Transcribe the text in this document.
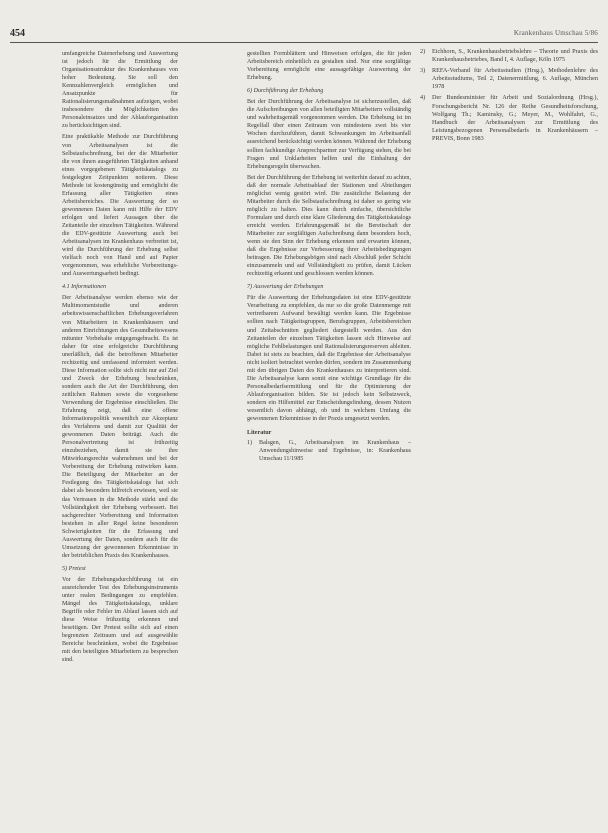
454	Krankenhaus Umschau 5/86

umfangreiche Datenerhebung und Auswertung ist jedoch für die Ermittlung der Organisationsstruktur des Krankenhauses von hoher Bedeutung. Sie soll den Kennzahlenvergleich ermöglichen und Ansatzpunkte für Rationalisierungsmaßnahmen aufzeigen, wobei insbesondere die Möglichkeiten des Personaleinsatzes und der Ablauforganisation zu berücksichtigen sind.

Eine praktikable Methode zur Durchführung von Arbeitsanalysen ist die Selbstaufschreibung, bei der die Mitarbeiter die von ihnen ausgeführten Tätigkeiten anhand eines vorgegebenen Tätigkeitskatalogs zu festgelegten Zeitpunkten notieren. Diese Methode ist kostengünstig und ermöglicht die Erfassung aller Tätigkeiten eines Arbeitsbereiches. Die Auswertung der so gewonnenen Daten kann mit Hilfe der EDV erfolgen und liefert Aussagen über die Zeitanteile der einzelnen Tätigkeiten. Während die EDV-gestützte Auswertung auch bei Arbeitsanalysen im Krankenhaus verbreitet ist, wird die Durchführung der Erhebung selbst vielfach noch von Hand und auf Papier vorgenommen, was erhebliche Vorbereitungs- und Auswertungsarbeit bedingt.

4.1 Informationen

Der Arbeitsanalyse werden ebenso wie der Multimomentstudie und anderen arbeitswissenschaftlichen Erhebungsverfahren von Mitarbeitern in Krankenhäusern und anderen Einrichtungen des Gesundheitswesens mitunter Vorbehalte entgegengebracht. Es ist daher für eine erfolgreiche Durchführung unerläßlich, daß die betroffenen Mitarbeiter rechtzeitig und umfassend informiert werden. Diese Information sollte sich nicht nur auf Ziel und Zweck der Erhebung beschränken, sondern auch die Art der Durchführung, den zeitlichen Rahmen sowie die vorgesehene Verwendung der Ergebnisse einschließen. Die Erfahrung zeigt, daß eine offene Informationspolitik wesentlich zur Akzeptanz des Verfahrens und damit zur Qualität der gewonnenen Daten beiträgt. Auch die Personalvertretung ist frühzeitig einzubeziehen, damit sie ihre Mitwirkungsrechte wahrnehmen und bei der Vorbereitung der Erhebung mitwirken kann. Die Beteiligung der Mitarbeiter an der Festlegung des Tätigkeitskatalogs hat sich dabei als besonders hilfreich erwiesen, weil sie das Vertrauen in die Methode stärkt und die Vollständigkeit der Erhebung verbessert. Bei sachgerechter Vorbereitung und Information bestehen in aller Regel keine besonderen Schwierigkeiten für die Erfassung und Auswertung der Daten, sondern auch für die Umsetzung der gewonnenen Erkenntnisse in der betrieblichen Praxis des Krankenhauses.

5) Pretest

Vor der Erhebungsdurchführung ist ein ausreichender Test des Erhebungsinstruments unter realen Bedingungen zu empfehlen. Mängel des Tätigkeitskatalogs, unklare Begriffe oder Fehler im Ablauf lassen sich auf diese Weise frühzeitig erkennen und beseitigen. Der Pretest sollte sich auf einen begrenzten Zeitraum und auf ausgewählte Bereiche beschränken, wobei die Ergebnisse mit den beteiligten Mitarbeitern zu besprechen sind.

gestellten Formblättern und Hinweisen erfolgen, die für jeden Arbeitsbereich einheitlich zu gestalten sind. Nur eine sorgfältige Vorbereitung ermöglicht eine aussagefähige Auswertung der Erhebung.

6) Durchführung der Erhebung

Bei der Durchführung der Arbeitsanalyse ist sicherzustellen, daß die Aufschreibungen von allen beteiligten Mitarbeitern vollständig und wahrheitsgemäß vorgenommen werden. Die Erhebung ist im Regelfall über einen Zeitraum von mindestens zwei bis vier Wochen durchzuführen, damit Schwankungen im Arbeitsanfall ausreichend berücksichtigt werden können. Während der Erhebung sollten fachkundige Ansprechpartner zur Verfügung stehen, die bei Fragen und Unklarheiten helfen und die Einhaltung der Erhebungsregeln überwachen.

Bei der Durchführung der Erhebung ist weiterhin darauf zu achten, daß der normale Arbeitsablauf der Stationen und Abteilungen möglichst wenig gestört wird. Die zusätzliche Belastung der Mitarbeiter durch die Selbstaufschreibung ist daher so gering wie möglich zu halten. Dies kann durch einfache, übersichtliche Formulare und durch eine klare Gliederung des Tätigkeitskatalogs erreicht werden. Erfahrungsgemäß ist die Bereitschaft der Mitarbeiter zur sorgfältigen Aufschreibung dann besonders hoch, wenn sie den Sinn der Erhebung erkennen und erwarten können, daß die Ergebnisse zur Verbesserung ihrer Arbeitsbedingungen beitragen. Die Erhebungsbögen sind nach Abschluß jeder Schicht einzusammeln und auf Vollständigkeit zu prüfen, damit Lücken rechtzeitig erkannt und geschlossen werden können.

7) Auswertung der Erhebungen

Für die Auswertung der Erhebungsdaten ist eine EDV-gestützte Verarbeitung zu empfehlen, da nur so die große Datenmenge mit vertretbarem Aufwand bewältigt werden kann. Die Ergebnisse sollten nach Tätigkeitsgruppen, Berufsgruppen, Arbeitsbereichen und Zeitabschnitten gegliedert dargestellt werden. Aus den Zeitanteilen der einzelnen Tätigkeiten lassen sich Hinweise auf mögliche Fehlbelastungen und Rationalisierungsreserven ableiten. Dabei ist stets zu beachten, daß die Ergebnisse der Arbeitsanalyse nicht isoliert betrachtet werden dürfen, sondern im Zusammenhang mit den übrigen Daten des Krankenhauses zu interpretieren sind. Die Arbeitsanalyse kann somit eine wichtige Grundlage für die Personalbedarfsermittlung und für die Optimierung der Ablauforganisation bilden. Sie ist jedoch kein Selbstzweck, sondern ein Hilfsmittel zur Entscheidungsfindung, dessen Nutzen wesentlich davon abhängt, ob und in welchem Umfang die gewonnenen Erkenntnisse in der Praxis umgesetzt werden.

Literatur
1)	Balsgen, G., Arbeitsanalysen im Krankenhaus – Anwendungshinweise und Ergebnisse, in: Krankenhaus Umschau 11/1985
2)	Eichhorn, S., Krankenhausbetriebslehre – Theorie und Praxis des Krankenhausbetriebes, Band I, 4. Auflage, Köln 1975
3)	REFA-Verband für Arbeitsstudien (Hrsg.), Methodenlehre des Arbeitsstudiums, Teil 2, Datenermittlung, 6. Auflage, München 1978
4)	Der Bundesminister für Arbeit und Sozialordnung (Hrsg.), Forschungsbericht Nr. 126 der Reihe Gesundheitsforschung, Wolfgang Th.; Kaminsky, G.; Meyer, M., Wohlfahrt, G., Handbuch der Arbeitsanalysen zur Ermittlung des Leistungsbezogenen Personalbedarfs in Krankenhäusern – PREVIS, Bonn 1983
